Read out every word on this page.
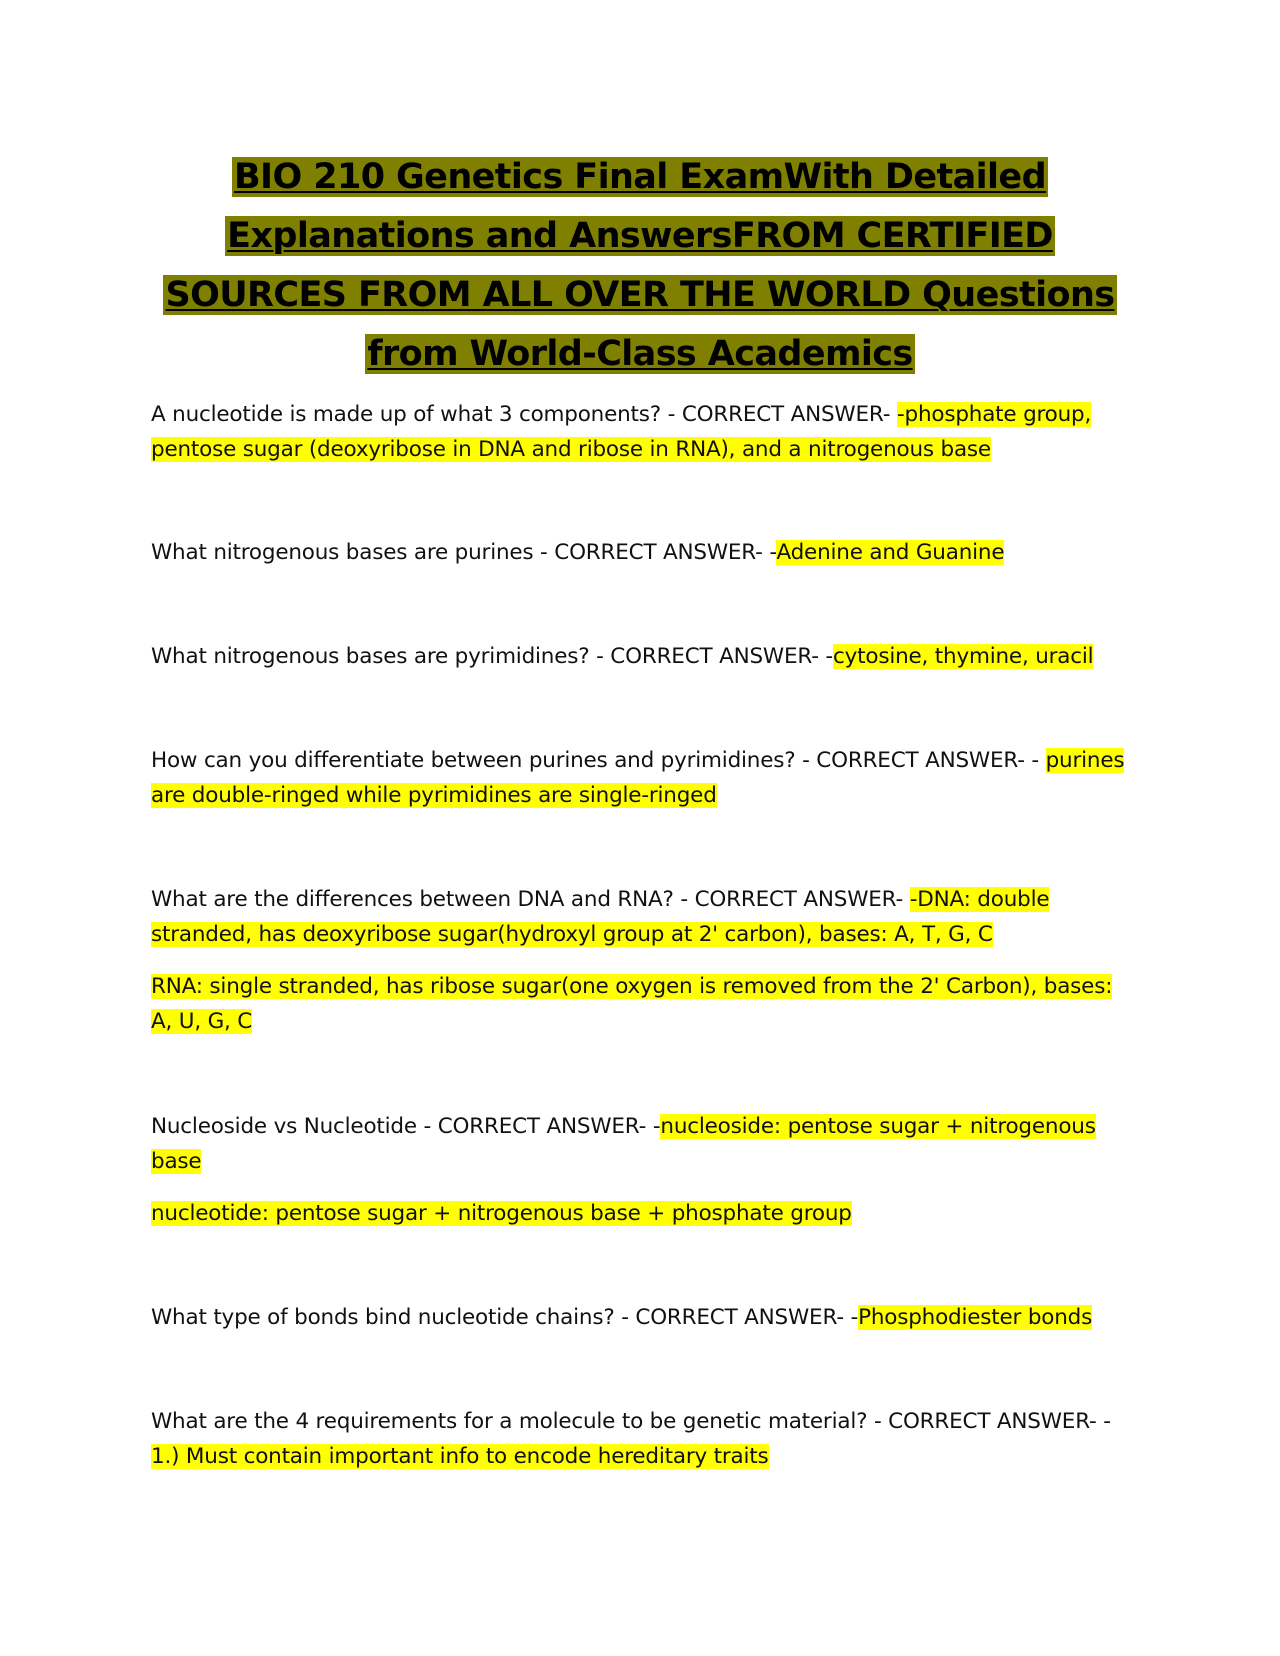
BIO 210 Genetics Final ExamWith Detailed Explanations and AnswersFROM CERTIFIED SOURCES FROM ALL OVER THE WORLD Questions from World-Class Academics

A nucleotide is made up of what 3 components? - CORRECT ANSWER- -phosphate group, pentose sugar (deoxyribose in DNA and ribose in RNA), and a nitrogenous base

What nitrogenous bases are purines - CORRECT ANSWER- -Adenine and Guanine

What nitrogenous bases are pyrimidines? - CORRECT ANSWER- -cytosine, thymine, uracil

How can you differentiate between purines and pyrimidines? - CORRECT ANSWER- - purines are double-ringed while pyrimidines are single-ringed

What are the differences between DNA and RNA? - CORRECT ANSWER- -DNA: double stranded, has deoxyribose sugar(hydroxyl group at 2' carbon), bases: A, T, G, C

RNA: single stranded, has ribose sugar(one oxygen is removed from the 2' Carbon), bases: A, U, G, C

Nucleoside vs Nucleotide - CORRECT ANSWER- -nucleoside: pentose sugar + nitrogenous base

nucleotide: pentose sugar + nitrogenous base + phosphate group

What type of bonds bind nucleotide chains? - CORRECT ANSWER- -Phosphodiester bonds

What are the 4 requirements for a molecule to be genetic material? - CORRECT ANSWER- - 1.) Must contain important info to encode hereditary traits
